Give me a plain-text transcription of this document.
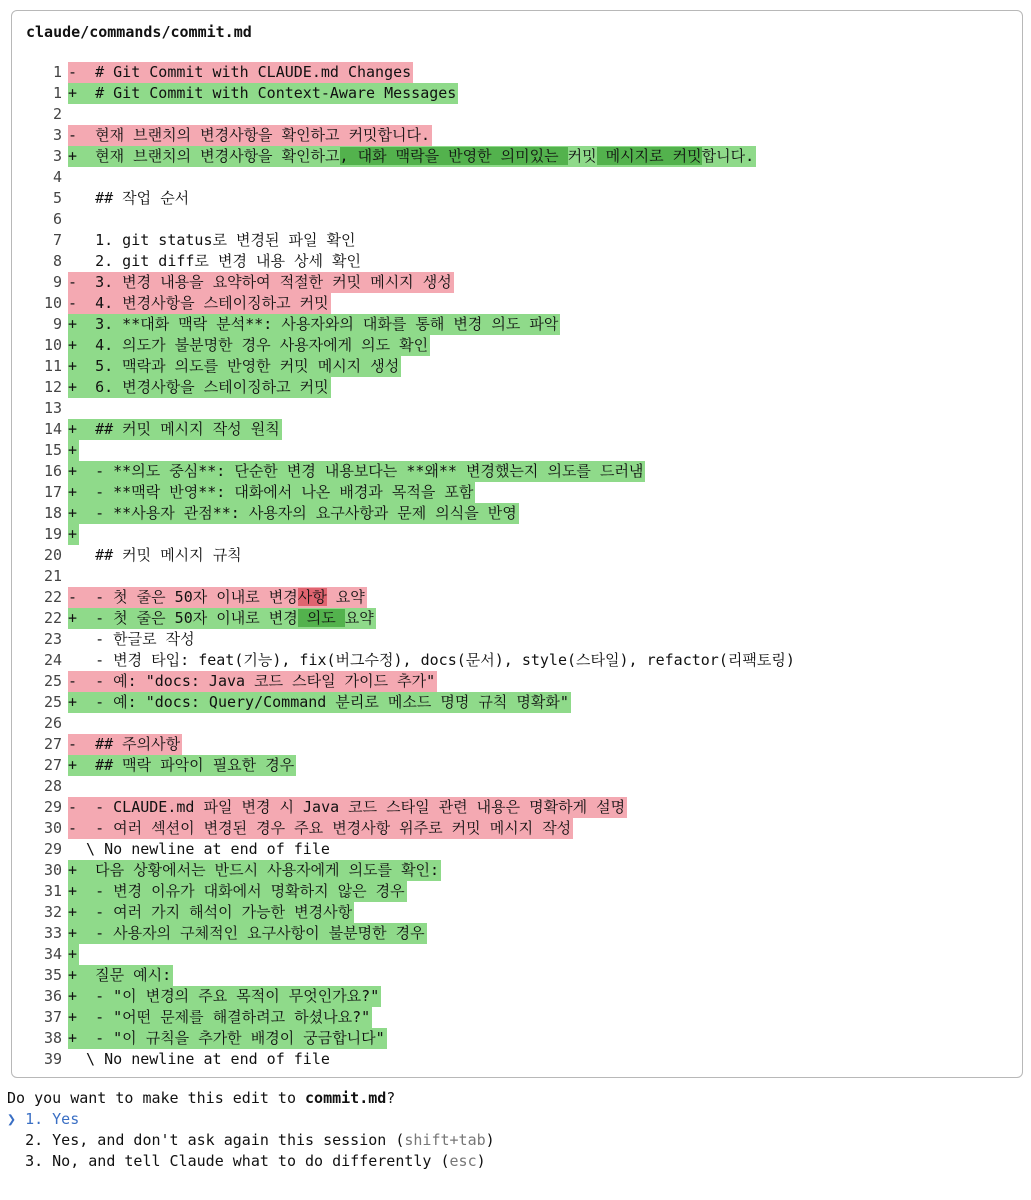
claude/commands/commit.md
1 -  # Git Commit with CLAUDE.md Changes
1 +  # Git Commit with Context-Aware Messages
2
3 -  현재 브랜치의 변경사항을 확인하고 커밋합니다.
3 +  현재 브랜치의 변경사항을 확인하고, 대화 맥락을 반영한 의미있는 커밋 메시지로 커밋합니다.
4
5 ## 작업 순서
6
7 1. git status로 변경된 파일 확인
8 2. git diff로 변경 내용 상세 확인
9 -  3. 변경 내용을 요약하여 적절한 커밋 메시지 생성
10 -  4. 변경사항을 스테이징하고 커밋
9 +  3. **대화 맥락 분석**: 사용자와의 대화를 통해 변경 의도 파악
10 +  4. 의도가 불분명한 경우 사용자에게 의도 확인
11 +  5. 맥락과 의도를 반영한 커밋 메시지 생성
12 +  6. 변경사항을 스테이징하고 커밋
13
14 +  ## 커밋 메시지 작성 원칙
15 +
16 +  - **의도 중심**: 단순한 변경 내용보다는 **왜** 변경했는지 의도를 드러냄
17 +  - **맥락 반영**: 대화에서 나온 배경과 목적을 포함
18 +  - **사용자 관점**: 사용자의 요구사항과 문제 의식을 반영
19 +
20 ## 커밋 메시지 규칙
21
22 -  - 첫 줄은 50자 이내로 변경사항 요약
22 +  - 첫 줄은 50자 이내로 변경 의도 요약
23 - 한글로 작성
24 - 변경 타입: feat(기능), fix(버그수정), docs(문서), style(스타일), refactor(리팩토링)
25 -  - 예: "docs: Java 코드 스타일 가이드 추가"
25 +  - 예: "docs: Query/Command 분리로 메소드 명명 규칙 명확화"
26
27 -  ## 주의사항
27 +  ## 맥락 파악이 필요한 경우
28
29 -  - CLAUDE.md 파일 변경 시 Java 코드 스타일 관련 내용은 명확하게 설명
30 -  - 여러 섹션이 변경된 경우 주요 변경사항 위주로 커밋 메시지 작성
29 \ No newline at end of file
30 +  다음 상황에서는 반드시 사용자에게 의도를 확인:
31 +  - 변경 이유가 대화에서 명확하지 않은 경우
32 +  - 여러 가지 해석이 가능한 변경사항
33 +  - 사용자의 구체적인 요구사항이 불분명한 경우
34 +
35 +  질문 예시:
36 +  - "이 변경의 주요 목적이 무엇인가요?"
37 +  - "어떤 문제를 해결하려고 하셨나요?"
38 +  - "이 규칙을 추가한 배경이 궁금합니다"
39 \ No newline at end of file
Do you want to make this edit to commit.md?
❯ 1. Yes
2. Yes, and don't ask again this session (shift+tab)
3. No, and tell Claude what to do differently (esc)
